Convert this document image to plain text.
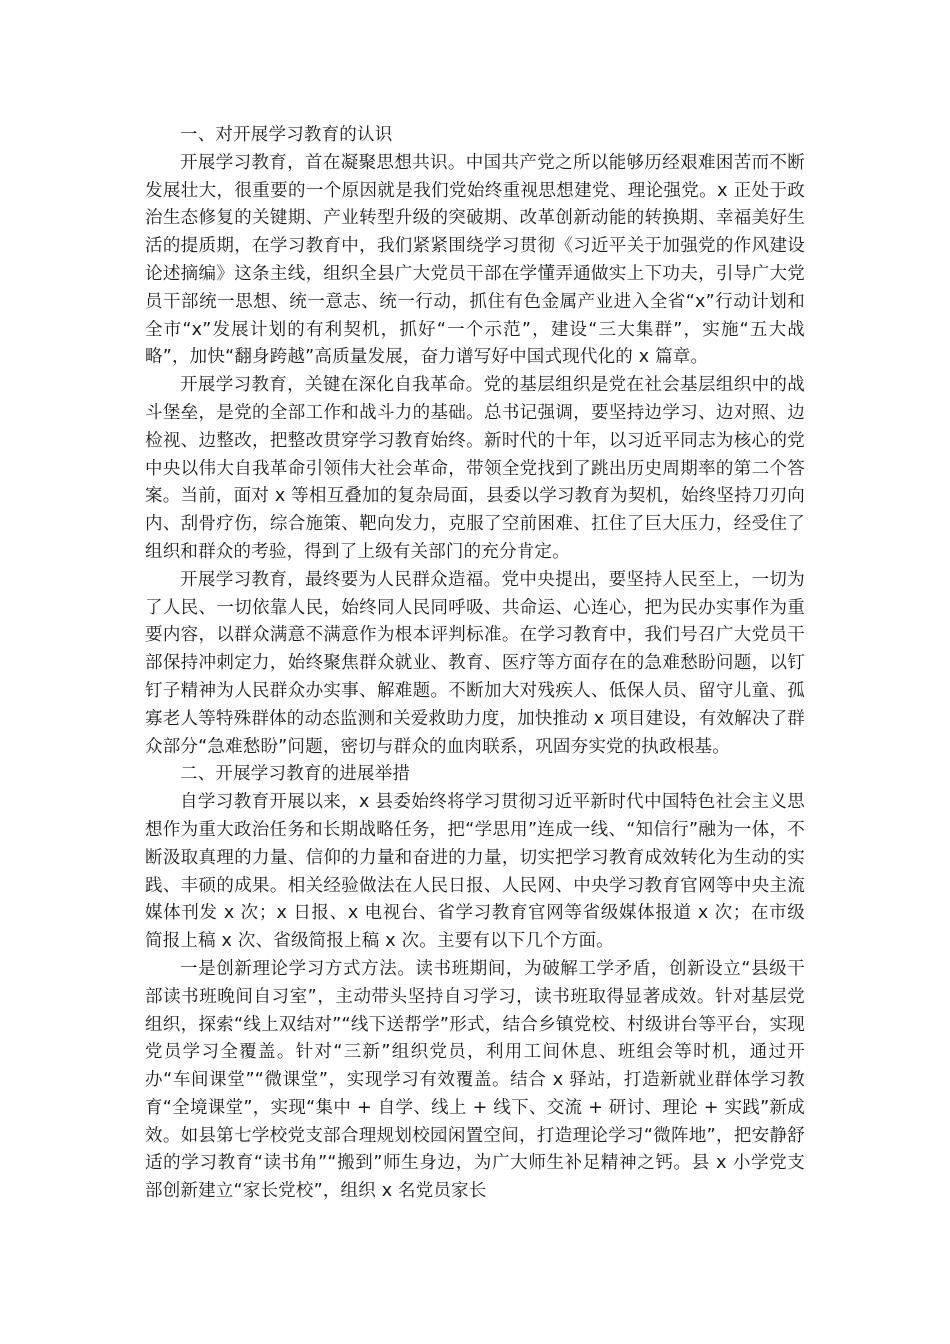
一、对开展学习教育的认识

开展学习教育，首在凝聚思想共识。中国共产党之所以能够历经艰难困苦而不断发展壮大，很重要的一个原因就是我们党始终重视思想建党、理论强党。x 正处于政治生态修复的关键期、产业转型升级的突破期、改革创新动能的转换期、幸福美好生活的提质期，在学习教育中，我们紧紧围绕学习贯彻《习近平关于加强党的作风建设论述摘编》这条主线，组织全县广大党员干部在学懂弄通做实上下功夫，引导广大党员干部统一思想、统一意志、统一行动，抓住有色金属产业进入全省“x”行动计划和全市“x”发展计划的有利契机，抓好“一个示范”，建设“三大集群”，实施“五大战略”，加快“翻身跨越”高质量发展，奋力谱写好中国式现代化的 x 篇章。

开展学习教育，关键在深化自我革命。党的基层组织是党在社会基层组织中的战斗堡垒，是党的全部工作和战斗力的基础。总书记强调，要坚持边学习、边对照、边检视、边整改，把整改贯穿学习教育始终。新时代的十年，以习近平同志为核心的党中央以伟大自我革命引领伟大社会革命，带领全党找到了跳出历史周期率的第二个答案。当前，面对 x 等相互叠加的复杂局面，县委以学习教育为契机，始终坚持刀刃向内、刮骨疗伤，综合施策、靶向发力，克服了空前困难、扛住了巨大压力，经受住了组织和群众的考验，得到了上级有关部门的充分肯定。

开展学习教育，最终要为人民群众造福。党中央提出，要坚持人民至上，一切为了人民、一切依靠人民，始终同人民同呼吸、共命运、心连心，把为民办实事作为重要内容，以群众满意不满意作为根本评判标准。在学习教育中，我们号召广大党员干部保持冲刺定力，始终聚焦群众就业、教育、医疗等方面存在的急难愁盼问题，以钉钉子精神为人民群众办实事、解难题。不断加大对残疾人、低保人员、留守儿童、孤寡老人等特殊群体的动态监测和关爱救助力度，加快推动 x 项目建设，有效解决了群众部分“急难愁盼”问题，密切与群众的血肉联系，巩固夯实党的执政根基。

二、开展学习教育的进展举措

自学习教育开展以来，x 县委始终将学习贯彻习近平新时代中国特色社会主义思想作为重大政治任务和长期战略任务，把“学思用”连成一线、“知信行”融为一体，不断汲取真理的力量、信仰的力量和奋进的力量，切实把学习教育成效转化为生动的实践、丰硕的成果。相关经验做法在人民日报、人民网、中央学习教育官网等中央主流媒体刊发 x 次；x 日报、x 电视台、省学习教育官网等省级媒体报道 x 次；在市级简报上稿 x 次、省级简报上稿 x 次。主要有以下几个方面。

一是创新理论学习方式方法。读书班期间，为破解工学矛盾，创新设立“县级干部读书班晚间自习室”，主动带头坚持自习学习，读书班取得显著成效。针对基层党组织，探索“线上双结对”“线下送帮学”形式，结合乡镇党校、村级讲台等平台，实现党员学习全覆盖。针对“三新”组织党员，利用工间休息、班组会等时机，通过开办“车间课堂”“微课堂”，实现学习有效覆盖。结合 x 驿站，打造新就业群体学习教育“全境课堂”，实现“集中 + 自学、线上 + 线下、交流 + 研讨、理论 + 实践”新成效。如县第七学校党支部合理规划校园闲置空间，打造理论学习“微阵地”，把安静舒适的学习教育“读书角”“搬到”师生身边，为广大师生补足精神之钙。县 x 小学党支部创新建立“家长党校”，组织 x 名党员家长
